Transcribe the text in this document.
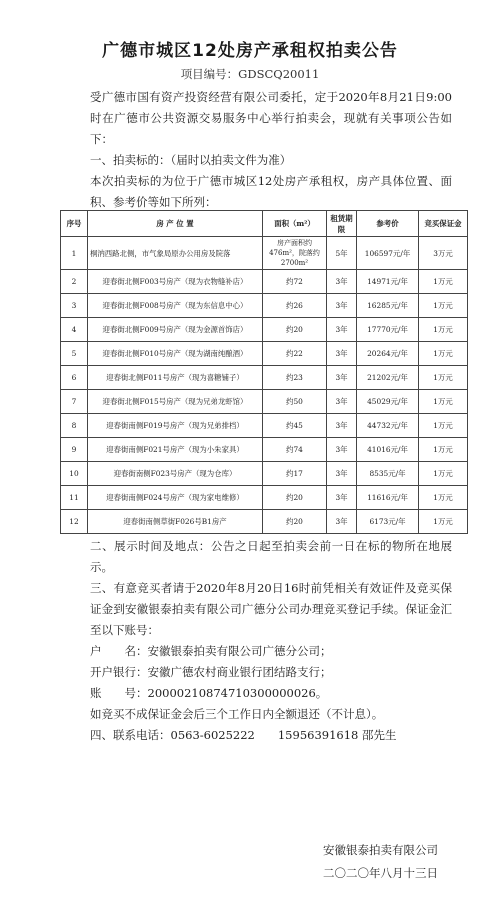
广德市城区12处房产承租权拍卖公告
项目编号：GDSCQ20011
受广德市国有资产投资经营有限公司委托，定于2020年8月21日9:00时在广德市公共资源交易服务中心举行拍卖会，现就有关事项公告如下：
一、拍卖标的：（届时以拍卖文件为准）
本次拍卖标的为位于广德市城区12处房产承租权，房产具体位置、面积、参考价等如下所列：
序号	房 产 位 置	面积（m²）	租赁期限	参考价	竞买保证金
1	桐汭西路北侧，市气象局原办公用房及院落	房产面积约476m²，院落约2700m²	5年	106597元/年	3万元
2	迎春街北侧F003号房产（现为衣物缝补店）	约72	3年	14971元/年	1万元
3	迎春街北侧F008号房产（现为东信息中心）	约26	3年	16285元/年	1万元
4	迎春街北侧F009号房产（现为金源首饰店）	约20	3年	17770元/年	1万元
5	迎春街北侧F010号房产（现为湖南纯酿酒）	约22	3年	20264元/年	1万元
6	迎春街北侧F011号房产（现为喜糖铺子）	约23	3年	21202元/年	1万元
7	迎春街北侧F015号房产（现为兄弟龙虾馆）	约50	3年	45029元/年	1万元
8	迎春街南侧F019号房产（现为兄弟排档）	约45	3年	44732元/年	1万元
9	迎春街南侧F021号房产（现为小朱家具）	约74	3年	41016元/年	1万元
10	迎春街南侧F023号房产（现为仓库）	约17	3年	8535元/年	1万元
11	迎春街南侧F024号房产（现为家电维修）	约20	3年	11616元/年	1万元
12	迎春街南侧草街F026号B1房产	约20	3年	6173元/年	1万元
二、展示时间及地点：公告之日起至拍卖会前一日在标的物所在地展示。
三、有意竞买者请于2020年8月20日16时前凭相关有效证件及竞买保证金到安徽银泰拍卖有限公司广德分公司办理竞买登记手续。保证金汇至以下账号：
户　　名：安徽银泰拍卖有限公司广德分公司；
开户银行：安徽广德农村商业银行团结路支行；
账　　号：20000210874710300000026。
如竞买不成保证金会后三个工作日内全额退还（不计息）。
四、联系电话：0563-6025222　　15956391618 邵先生
安徽银泰拍卖有限公司
二〇二〇年八月十三日
